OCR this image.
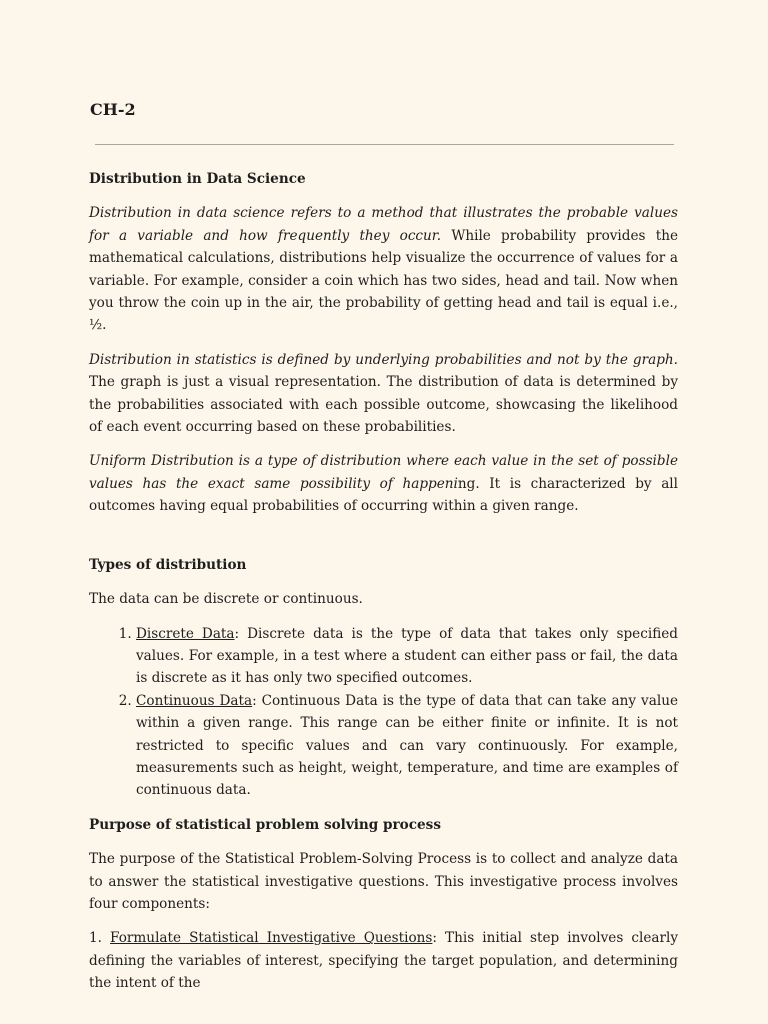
CH-2

Distribution in Data Science

Distribution in data science refers to a method that illustrates the probable values for a variable and how frequently they occur. While probability provides the mathematical calculations, distributions help visualize the occurrence of values for a variable. For example, consider a coin which has two sides, head and tail. Now when you throw the coin up in the air, the probability of getting head and tail is equal i.e., ½.

Distribution in statistics is defined by underlying probabilities and not by the graph. The graph is just a visual representation. The distribution of data is determined by the probabilities associated with each possible outcome, showcasing the likelihood of each event occurring based on these probabilities.

Uniform Distribution is a type of distribution where each value in the set of possible values has the exact same possibility of happening. It is characterized by all outcomes having equal probabilities of occurring within a given range.

Types of distribution

The data can be discrete or continuous.

1. Discrete Data: Discrete data is the type of data that takes only specified values. For example, in a test where a student can either pass or fail, the data is discrete as it has only two specified outcomes.
2. Continuous Data: Continuous Data is the type of data that can take any value within a given range. This range can be either finite or infinite. It is not restricted to specific values and can vary continuously. For example, measurements such as height, weight, temperature, and time are examples of continuous data.

Purpose of statistical problem solving process

The purpose of the Statistical Problem-Solving Process is to collect and analyze data to answer the statistical investigative questions. This investigative process involves four components:

1. Formulate Statistical Investigative Questions: This initial step involves clearly defining the variables of interest, specifying the target population, and determining the intent of the
